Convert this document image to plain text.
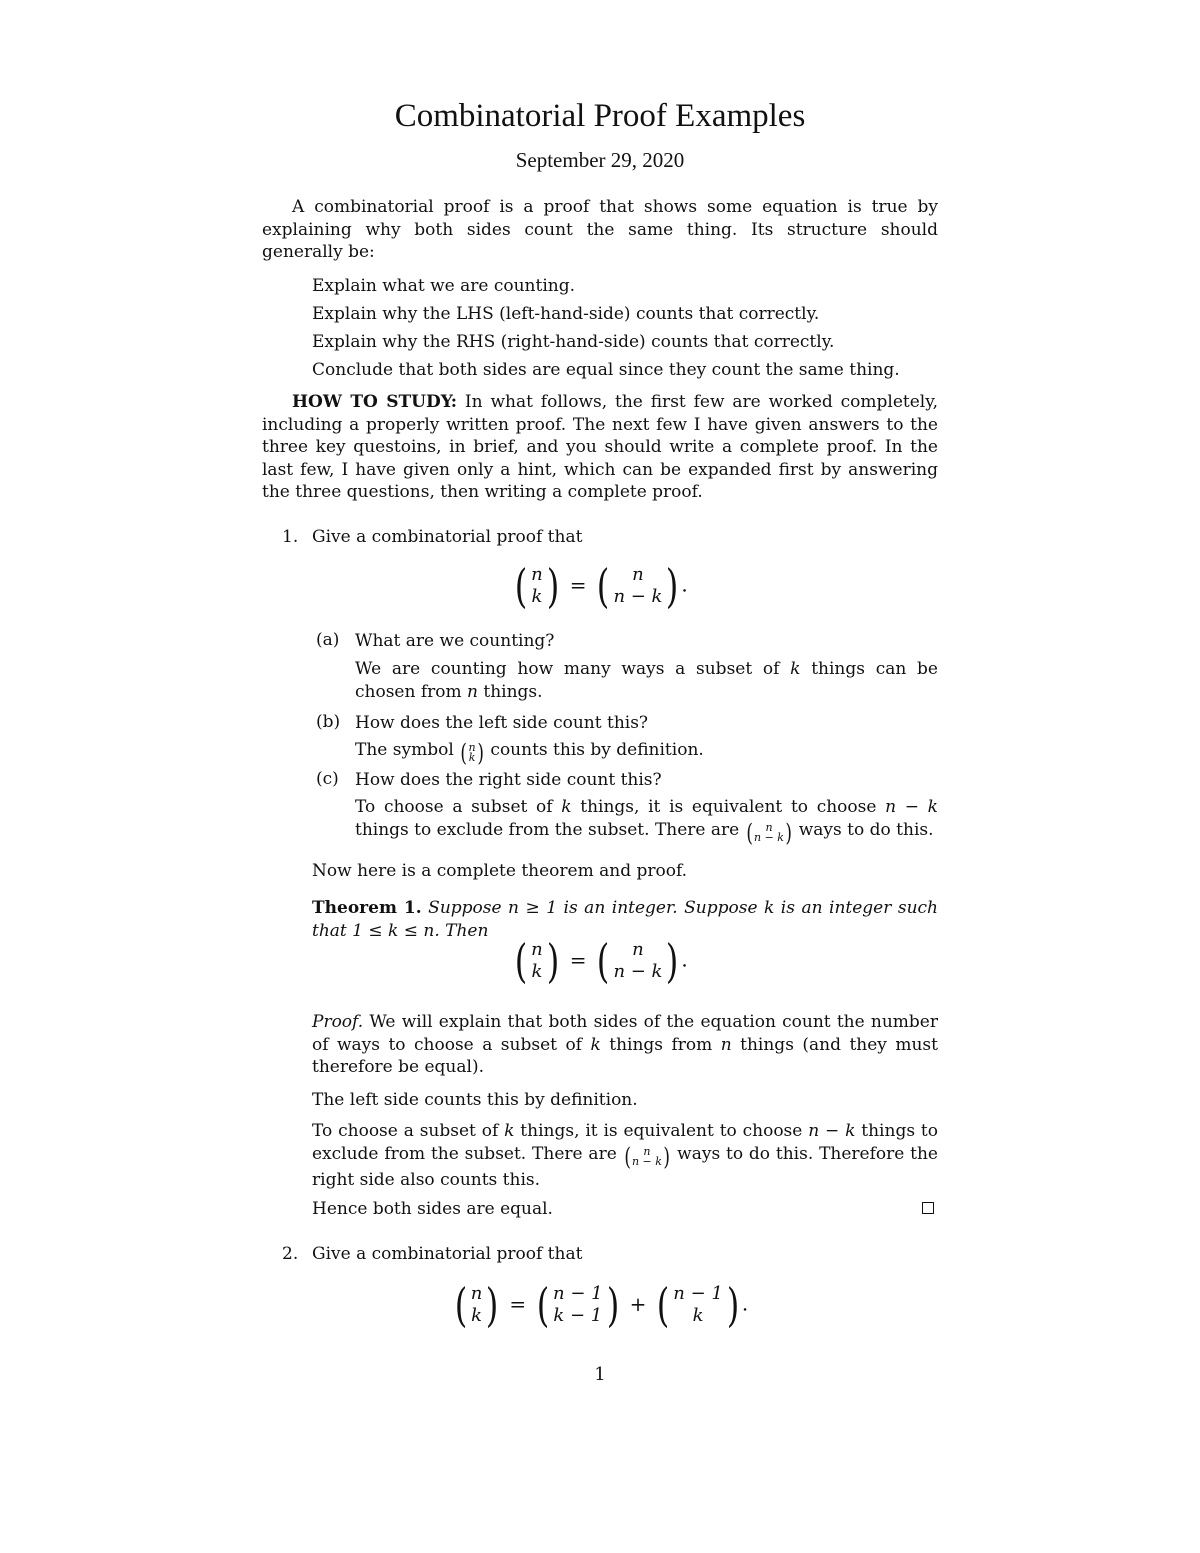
Combinatorial Proof Examples
September 29, 2020

A combinatorial proof is a proof that shows some equation is true by explaining why both sides count the same thing. Its structure should generally be:

Explain what we are counting.
Explain why the LHS (left-hand-side) counts that correctly.
Explain why the RHS (right-hand-side) counts that correctly.
Conclude that both sides are equal since they count the same thing.

HOW TO STUDY: In what follows, the first few are worked completely, including a properly written proof. The next few I have given answers to the three key questoins, in brief, and you should write a complete proof. In the last few, I have given only a hint, which can be expanded first by answering the three questions, then writing a complete proof.

1. Give a combinatorial proof that
( n
k ) = ( n
n − k ) .
(a) What are we counting?
We are counting how many ways a subset of k things can be chosen from n things.
(b) How does the left side count this?
The symbol ( n
k ) counts this by definition.
(c) How does the right side count this?
To choose a subset of k things, it is equivalent to choose n − k things to exclude from the subset. There are ( n
n − k ) ways to do this.
Now here is a complete theorem and proof.
Theorem 1. Suppose n ≥ 1 is an integer. Suppose k is an integer such that 1 ≤ k ≤ n. Then
( n
k ) = ( n
n − k ) .
Proof. We will explain that both sides of the equation count the number of ways to choose a subset of k things from n things (and they must therefore be equal).
The left side counts this by definition.
To choose a subset of k things, it is equivalent to choose n − k things to exclude from the subset. There are ( n
n − k ) ways to do this. Therefore the right side also counts this.
Hence both sides are equal.
2. Give a combinatorial proof that
( n
k ) = ( n − 1
k − 1 ) + ( n − 1
k ) .
1
